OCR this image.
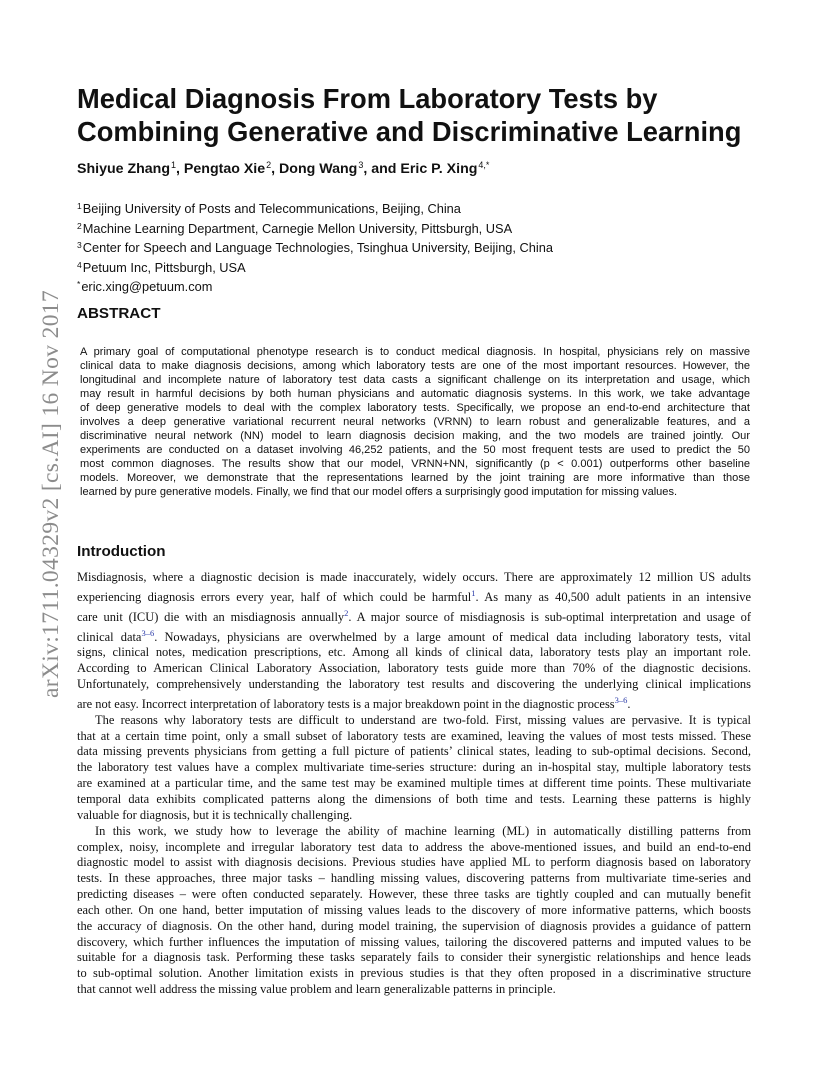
arXiv:1711.04329v2 [cs.AI] 16 Nov 2017
Medical Diagnosis From Laboratory Tests by
Combining Generative and Discriminative Learning
Shiyue Zhang$^1$, Pengtao Xie$^2$, Dong Wang$^3$, and Eric P. Xing$^{4,*}$
$^1$Beijing University of Posts and Telecommunications, Beijing, China
$^2$Machine Learning Department, Carnegie Mellon University, Pittsburgh, USA
$^3$Center for Speech and Language Technologies, Tsinghua University, Beijing, China
$^4$Petuum Inc, Pittsburgh, USA
*eric.xing@petuum.com
ABSTRACT
A primary goal of computational phenotype research is to conduct medical diagnosis. In hospital, physicians rely on massive
clinical data to make diagnosis decisions, among which laboratory tests are one of the most important resources. However, the
longitudinal and incomplete nature of laboratory test data casts a significant challenge on its interpretation and usage, which
may result in harmful decisions by both human physicians and automatic diagnosis systems. In this work, we take advantage
of deep generative models to deal with the complex laboratory tests. Specifically, we propose an end-to-end architecture that
involves a deep generative variational recurrent neural networks (VRNN) to learn robust and generalizable features, and a
discriminative neural network (NN) model to learn diagnosis decision making, and the two models are trained jointly. Our
experiments are conducted on a dataset involving 46,252 patients, and the 50 most frequent tests are used to predict the 50
most common diagnoses. The results show that our model, VRNN+NN, significantly (p < 0.001) outperforms other baseline
models. Moreover, we demonstrate that the representations learned by the joint training are more informative than those
learned by pure generative models. Finally, we find that our model offers a surprisingly good imputation for missing values.
Introduction
Misdiagnosis, where a diagnostic decision is made inaccurately, widely occurs. There are approximately 12 million US adults
experiencing diagnosis errors every year, half of which could be harmful$^1$. As many as 40,500 adult patients in an intensive
care unit (ICU) die with an misdiagnosis annually$^2$. A major source of misdiagnosis is sub-optimal interpretation and usage of
clinical data$^{3-6}$. Nowadays, physicians are overwhelmed by a large amount of medical data including laboratory tests, vital
signs, clinical notes, medication prescriptions, etc. Among all kinds of clinical data, laboratory tests play an important role.
According to American Clinical Laboratory Association, laboratory tests guide more than 70% of the diagnostic decisions.
Unfortunately, comprehensively understanding the laboratory test results and discovering the underlying clinical implications
are not easy. Incorrect interpretation of laboratory tests is a major breakdown point in the diagnostic process$^{3-6}$.
The reasons why laboratory tests are difficult to understand are two-fold. First, missing values are pervasive. It is typical
that at a certain time point, only a small subset of laboratory tests are examined, leaving the values of most tests missed. These
data missing prevents physicians from getting a full picture of patients’ clinical states, leading to sub-optimal decisions. Second,
the laboratory test values have a complex multivariate time-series structure: during an in-hospital stay, multiple laboratory tests
are examined at a particular time, and the same test may be examined multiple times at different time points. These multivariate
temporal data exhibits complicated patterns along the dimensions of both time and tests. Learning these patterns is highly
valuable for diagnosis, but it is technically challenging.
In this work, we study how to leverage the ability of machine learning (ML) in automatically distilling patterns from
complex, noisy, incomplete and irregular laboratory test data to address the above-mentioned issues, and build an end-to-end
diagnostic model to assist with diagnosis decisions. Previous studies have applied ML to perform diagnosis based on laboratory
tests. In these approaches, three major tasks – handling missing values, discovering patterns from multivariate time-series and
predicting diseases – were often conducted separately. However, these three tasks are tightly coupled and can mutually benefit
each other. On one hand, better imputation of missing values leads to the discovery of more informative patterns, which boosts
the accuracy of diagnosis. On the other hand, during model training, the supervision of diagnosis provides a guidance of pattern
discovery, which further influences the imputation of missing values, tailoring the discovered patterns and imputed values to be
suitable for a diagnosis task. Performing these tasks separately fails to consider their synergistic relationships and hence leads
to sub-optimal solution. Another limitation exists in previous studies is that they often proposed in a discriminative structure
that cannot well address the missing value problem and learn generalizable patterns in principle.
